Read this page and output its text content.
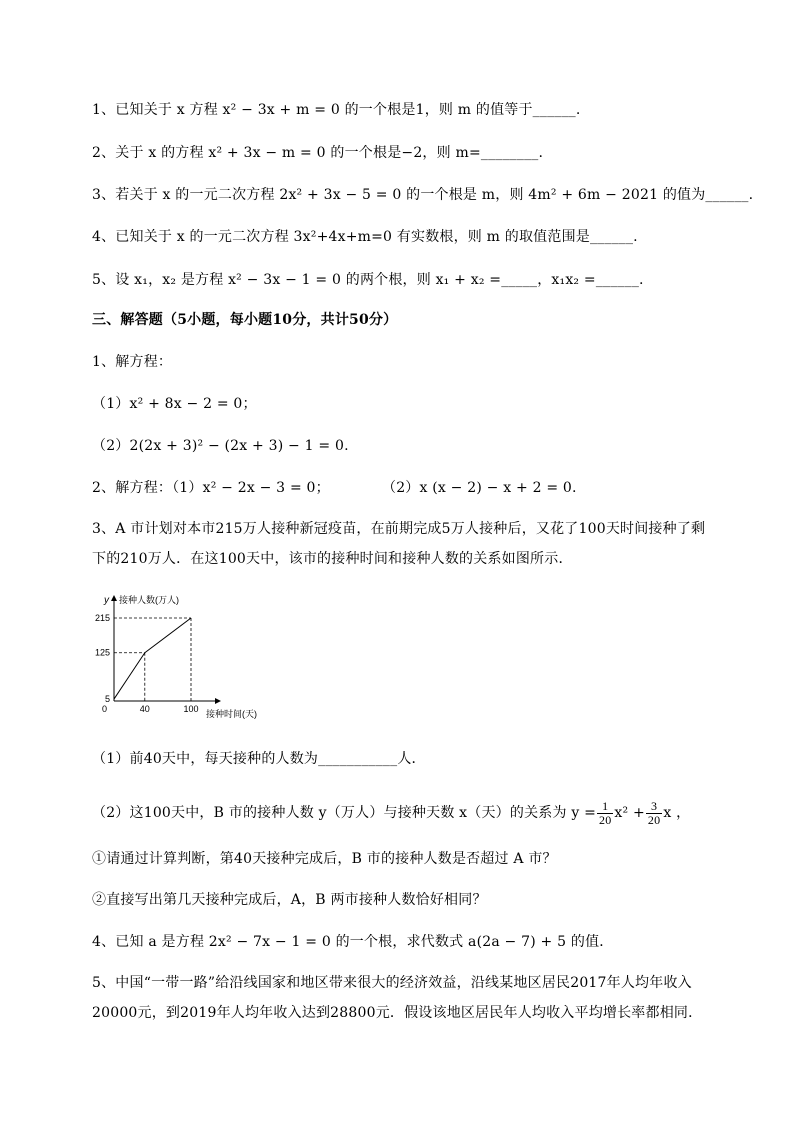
1、已知关于 x 方程 x² − 3x + m = 0 的一个根是1，则 m 的值等于______.
2、关于 x 的方程 x² + 3x − m = 0 的一个根是−2，则 m=________.
3、若关于 x 的一元二次方程 2x² + 3x − 5 = 0 的一个根是 m，则 4m² + 6m − 2021 的值为______.
4、已知关于 x 的一元二次方程 3x²+4x+m=0 有实数根，则 m 的取值范围是______.
5、设 x₁，x₂ 是方程 x² − 3x − 1 = 0 的两个根，则 x₁ + x₂ =_____，x₁x₂ =______.
三、解答题（5小题，每小题10分，共计50分）
1、解方程：
（1）x² + 8x − 2 = 0；
（2）2(2x + 3)² − (2x + 3) − 1 = 0.
2、解方程：（1）x² − 2x − 3 = 0；	（2）x (x − 2) − x + 2 = 0.
3、A 市计划对本市215万人接种新冠疫苗，在前期完成5万人接种后，又花了100天时间接种了剩
下的210万人．在这100天中，该市的接种时间和接种人数的关系如图所示．
y 接种人数(万人)
接种时间(天)
0
5
125
215
40	100
（1）前40天中，每天接种的人数为___________人．
（2）这100天中，B 市的接种人数 y（万人）与接种天数 x（天）的关系为 $y = \frac{1}{20} x^2 + \frac{3}{20}$ x ，
①请通过计算判断，第40天接种完成后，B 市的接种人数是否超过 A 市？
②直接写出第几天接种完成后，A，B 两市接种人数恰好相同？
4、已知 a 是方程 2x² − 7x − 1 = 0 的一个根，求代数式 a(2a − 7) + 5 的值．
5、中国“一带一路”给沿线国家和地区带来很大的经济效益，沿线某地区居民2017年人均年收入
20000元，到2019年人均年收入达到28800元．假设该地区居民年人均收入平均增长率都相同．
